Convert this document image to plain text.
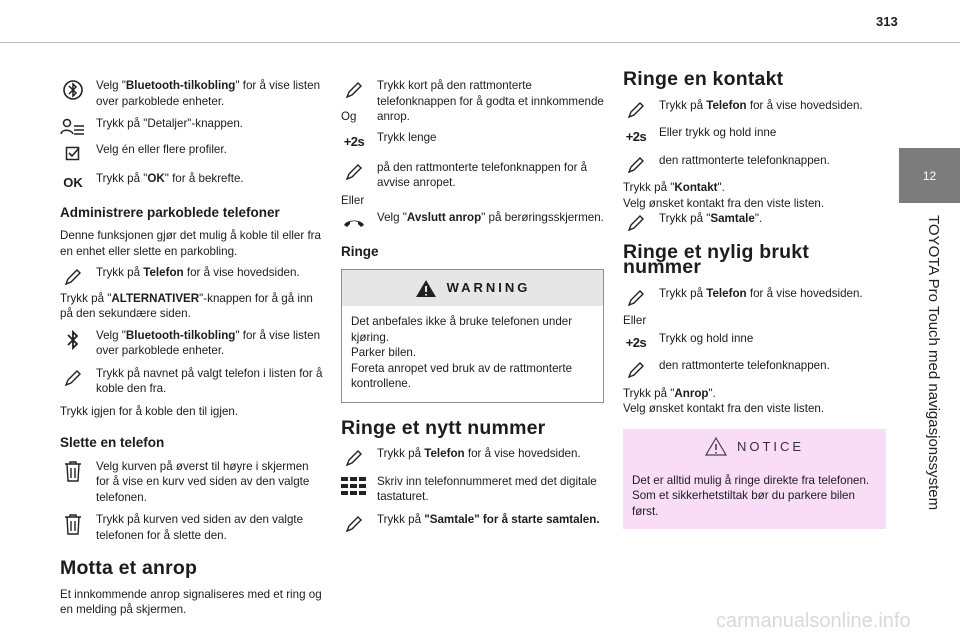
313
12
TOYOTA Pro Touch med navigasjonssystem
Velg "Bluetooth-tilkobling" for å vise listen over parkoblede enheter.
Trykk på "Detaljer"-knappen.
Velg én eller flere profiler.
OK Trykk på "OK" for å bekrefte.
Administrere parkoblede telefoner

Denne funksjonen gjør det mulig å koble til eller fra en enhet eller slette en parkobling.

Trykk på Telefon for å vise hovedsiden.

Trykk på "ALTERNATIVER"-knappen for å gå inn på den sekundære siden.

Velg "Bluetooth-tilkobling" for å vise listen over parkoblede enheter.
Trykk på navnet på valgt telefon i listen for å koble den fra.

Trykk igjen for å koble den til igjen.

Slette en telefon
Velg kurven på øverst til høyre i skjermen for å vise en kurv ved siden av den valgte telefonen.
Trykk på kurven ved siden av den valgte telefonen for å slette den.
Motta et anrop

Et innkommende anrop signaliseres med et ring og en melding på skjermen.

Trykk kort på den rattmonterte telefonknappen for å godta et innkommende anrop.

Og

+2s Trykk lenge
på den rattmonterte telefonknappen for å avvise anropet.

Eller

Velg "Avslutt anrop" på berøringsskjermen.
Ringe
WARNING
Det anbefales ikke å bruke telefonen under kjøring.
Parker bilen.
Foreta anropet ved bruk av de rattmonterte kontrollene.
Ringe et nytt nummer
Trykk på Telefon for å vise hovedsiden.
Skriv inn telefonnummeret med det digitale tastaturet.
Trykk på "Samtale" for å starte samtalen.
Ringe en kontakt
Trykk på Telefon for å vise hovedsiden.
+2s Eller trykk og hold inne
den rattmonterte telefonknappen.

Trykk på "Kontakt".

Velg ønsket kontakt fra den viste listen.

Trykk på "Samtale".
Ringe et nylig brukt nummer
Trykk på Telefon for å vise hovedsiden.

Eller

+2s Trykk og hold inne
den rattmonterte telefonknappen.

Trykk på "Anrop".

Velg ønsket kontakt fra den viste listen.

NOTICE
Det er alltid mulig å ringe direkte fra telefonen. Som et sikkerhetstiltak bør du parkere bilen først.
carmanualsonline.info
